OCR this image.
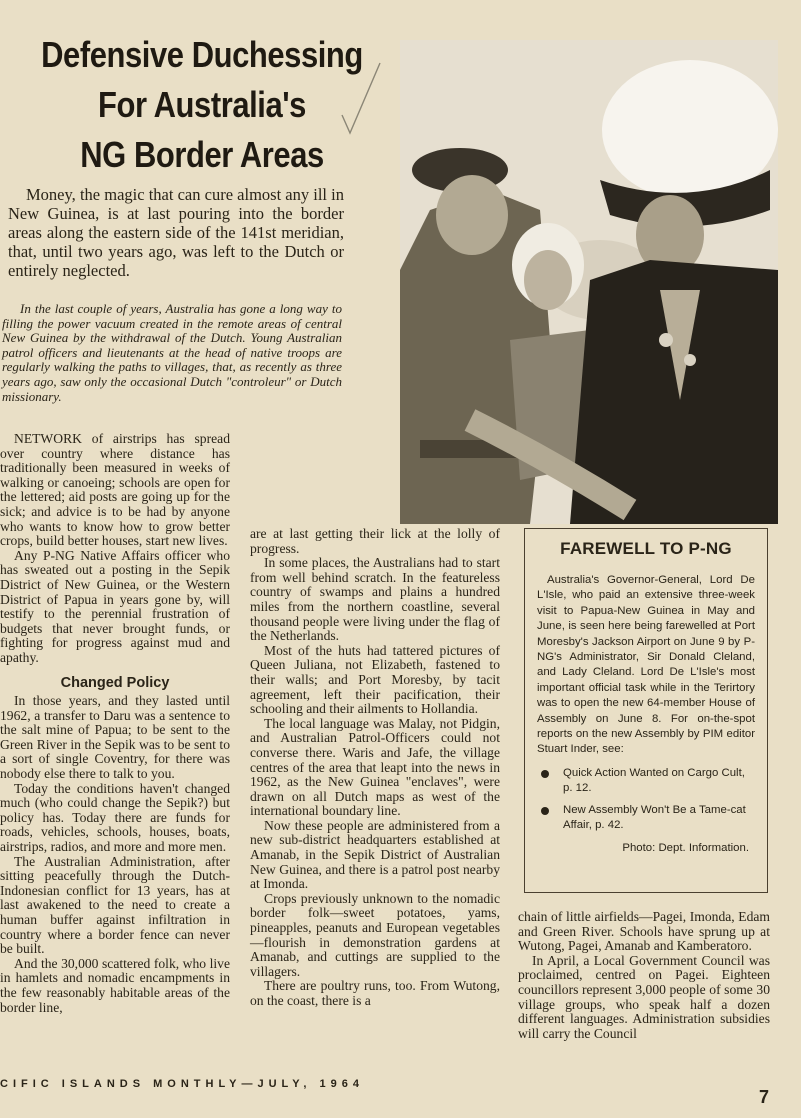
Defensive Duchessing
For Australia's
NG Border Areas
Money, the magic that can cure almost any ill in New Guinea, is at last pouring into the border areas along the eastern side of the 141st meridian, that, until two years ago, was left to the Dutch or entirely neglected.
In the last couple of years, Australia has gone a long way to filling the power vacuum created in the remote areas of central New Guinea by the withdrawal of the Dutch. Young Australian patrol officers and lieutenants at the head of native troops are regularly walking the paths to villages, that, as recently as three years ago, saw only the occasional Dutch "controleur" or Dutch missionary.

NETWORK of airstrips has spread over country where distance has traditionally been measured in weeks of walking or canoeing; schools are open for the lettered; aid posts are going up for the sick; and advice is to be had by anyone who wants to know how to grow better crops, build better houses, start new lives.

Any P-NG Native Affairs officer who has sweated out a posting in the Sepik District of New Guinea, or the Western District of Papua in years gone by, will testify to the perennial frustration of budgets that never brought funds, or fighting for progress against mud and apathy.

Changed Policy

In those years, and they lasted until 1962, a transfer to Daru was a sentence to the salt mine of Papua; to be sent to the Green River in the Sepik was to be sent to a sort of single Coventry, for there was nobody else there to talk to you.

Today the conditions haven't changed much (who could change the Sepik?) but policy has. Today there are funds for roads, vehicles, schools, houses, boats, airstrips, radios, and more and more men.

The Australian Administration, after sitting peacefully through the Dutch-Indonesian conflict for 13 years, has at last awakened to the need to create a human buffer against infiltration in country where a border fence can never be built.

And the 30,000 scattered folk, who live in hamlets and nomadic encampments in the few reasonably habitable areas of the border line,

are at last getting their lick at the lolly of progress.

In some places, the Australians had to start from well behind scratch. In the featureless country of swamps and plains a hundred miles from the northern coastline, several thousand people were living under the flag of the Netherlands.

Most of the huts had tattered pictures of Queen Juliana, not Elizabeth, fastened to their walls; and Port Moresby, by tacit agreement, left their pacification, their schooling and their ailments to Hollandia.

The local language was Malay, not Pidgin, and Australian Patrol-Officers could not converse there. Waris and Jafe, the village centres of the area that leapt into the news in 1962, as the New Guinea "enclaves", were drawn on all Dutch maps as west of the international boundary line.

Now these people are administered from a new sub-district headquarters established at Amanab, in the Sepik District of Australian New Guinea, and there is a patrol post nearby at Imonda.

Crops previously unknown to the nomadic border folk—sweet potatoes, yams, pineapples, peanuts and European vegetables—flourish in demonstration gardens at Amanab, and cuttings are supplied to the villagers.

There are poultry runs, too. From Wutong, on the coast, there is a

FAREWELL TO P-NG
Australia's Governor-General, Lord De L'Isle, who paid an extensive three-week visit to Papua-New Guinea in May and June, is seen here being farewelled at Port Moresby's Jackson Airport on June 9 by P-NG's Administrator, Sir Donald Cleland, and Lady Cleland. Lord De L'Isle's most important official task while in the Terirtory was to open the new 64-member House of Assembly on June 8. For on-the-spot reports on the new Assembly by PIM editor Stuart Inder, see:
Quick Action Wanted on Cargo Cult, p. 12.
New Assembly Won't Be a Tame-cat Affair, p. 42.
Photo: Dept. Information.

chain of little airfields—Pagei, Imonda, Edam and Green River. Schools have sprung up at Wutong, Pagei, Amanab and Kamberatoro.

In April, a Local Government Council was proclaimed, centred on Pagei. Eighteen councillors represent 3,000 people of some 30 village groups, who speak half a dozen different languages. Administration subsidies will carry the Council

CIFIC ISLANDS MONTHLY—JULY, 1964
7
